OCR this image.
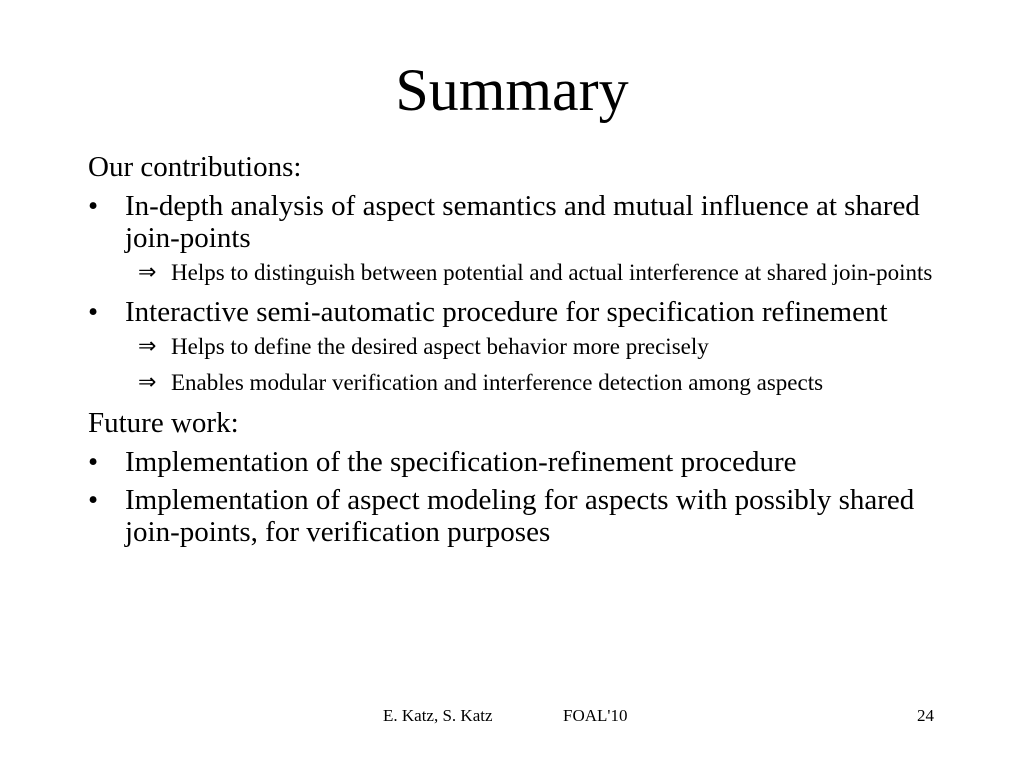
Summary
Our contributions:
• In-depth analysis of aspect semantics and mutual influence at shared join-points
⇒ Helps to distinguish between potential and actual interference at shared join-points
• Interactive semi-automatic procedure for specification refinement
⇒ Helps to define the desired aspect behavior more precisely
⇒ Enables modular verification and interference detection among aspects
Future work:
• Implementation of the specification-refinement procedure
• Implementation of aspect modeling for aspects with possibly shared join-points, for verification purposes
E. Katz, S. Katz	FOAL'10	24
